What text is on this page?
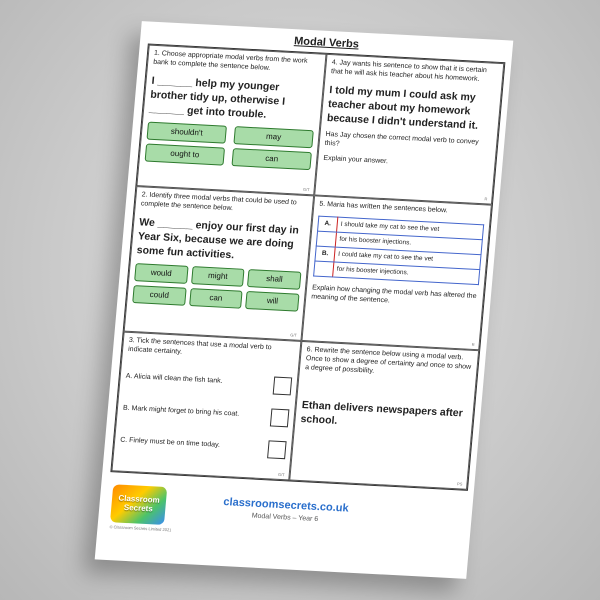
Modal Verbs

1. Choose appropriate modal verbs from the work bank to complete the sentence below.

I ______ help my younger brother tidy up, otherwise I ______ get into trouble.

shouldn't	may
ought to	can
G/T

4. Jay wants his sentence to show that it is certain that he will ask his teacher about his homework.

I told my mum I could ask my teacher about my homework because I didn't understand it.

Has Jay chosen the correct modal verb to convey this?

Explain your answer.

R

2. Identify three modal verbs that could be used to complete the sentence below.

We ______ enjoy our first day in Year Six, because we are doing some fun activities.

would	might	shall
could	can	will
G/T

5. Maria has written the sentences below.

A.	I should take my cat to see the vet
	for his booster injections.
B.	I could take my cat to see the vet
	for his booster injections.

Explain how changing the modal verb has altered the meaning of the sentence.

R

3. Tick the sentences that use a modal verb to indicate certainty.

A. Alicia will clean the fish tank.
B. Mark might forget to bring his coat.
C. Finley must be on time today.
G/T

6. Rewrite the sentence below using a modal verb. Once to show a degree of certainty and once to show a degree of possibility.

Ethan delivers newspapers after school.

PS
Classroom
Secrets
© Classroom Secrets Limited 2021
classroomsecrets.co.uk
Modal Verbs – Year 6
